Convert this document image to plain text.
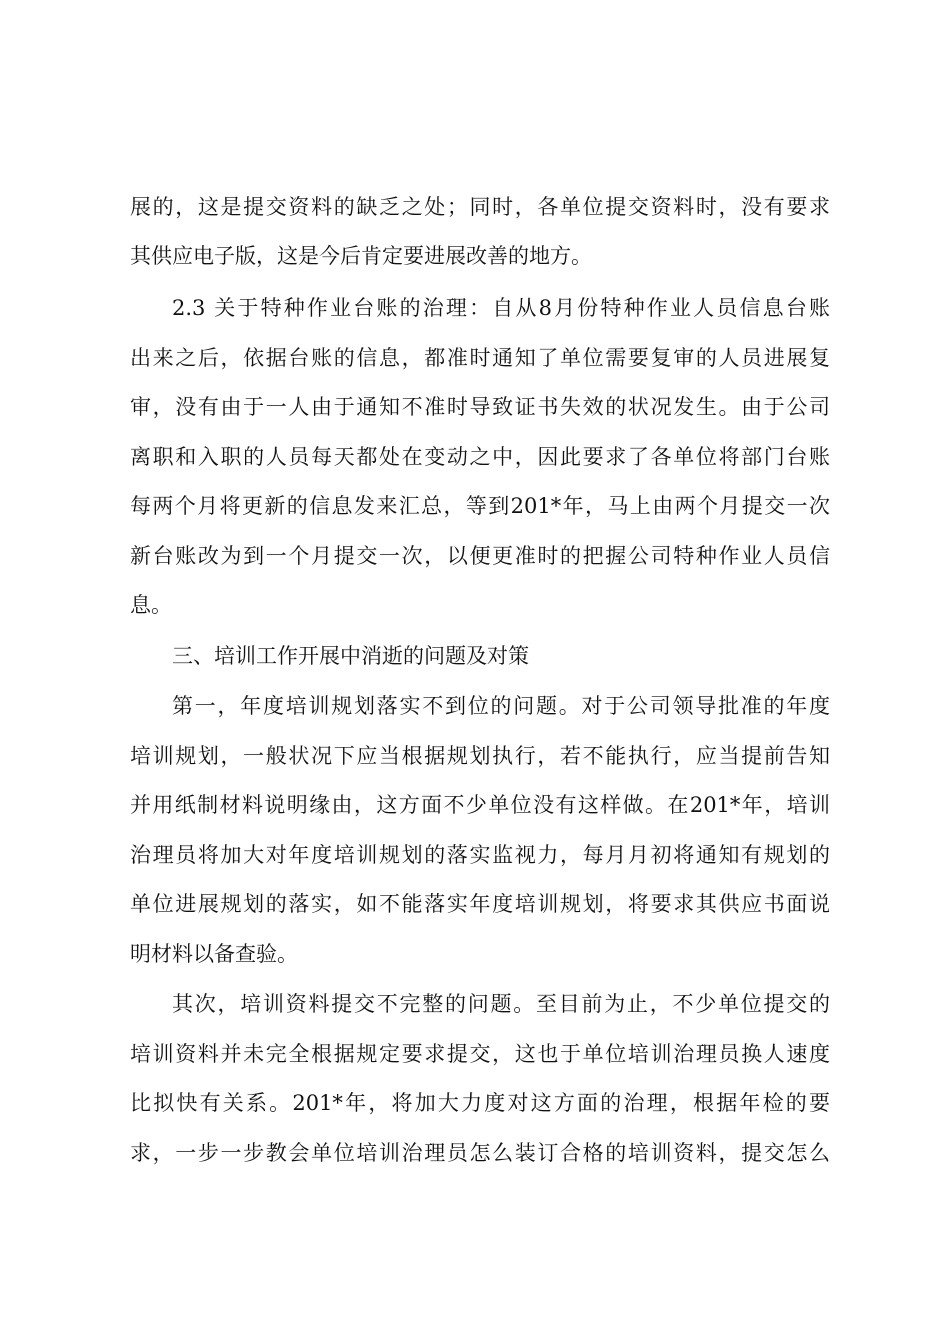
展的，这是提交资料的缺乏之处；同时，各单位提交资料时，没有要求
其供应电子版，这是今后肯定要进展改善的地方。
2.3 关于特种作业台账的治理：自从8月份特种作业人员信息台账
出来之后，依据台账的信息，都准时通知了单位需要复审的人员进展复
审，没有由于一人由于通知不准时导致证书失效的状况发生。由于公司
离职和入职的人员每天都处在变动之中，因此要求了各单位将部门台账
每两个月将更新的信息发来汇总，等到201*年，马上由两个月提交一次
新台账改为到一个月提交一次，以便更准时的把握公司特种作业人员信
息。
三、培训工作开展中消逝的问题及对策
第一，年度培训规划落实不到位的问题。对于公司领导批准的年度
培训规划，一般状况下应当根据规划执行，若不能执行，应当提前告知
并用纸制材料说明缘由，这方面不少单位没有这样做。在201*年，培训
治理员将加大对年度培训规划的落实监视力，每月月初将通知有规划的
单位进展规划的落实，如不能落实年度培训规划，将要求其供应书面说
明材料以备查验。
其次，培训资料提交不完整的问题。至目前为止，不少单位提交的
培训资料并未完全根据规定要求提交，这也于单位培训治理员换人速度
比拟快有关系。201*年，将加大力度对这方面的治理，根据年检的要
求，一步一步教会单位培训治理员怎么装订合格的培训资料，提交怎么
